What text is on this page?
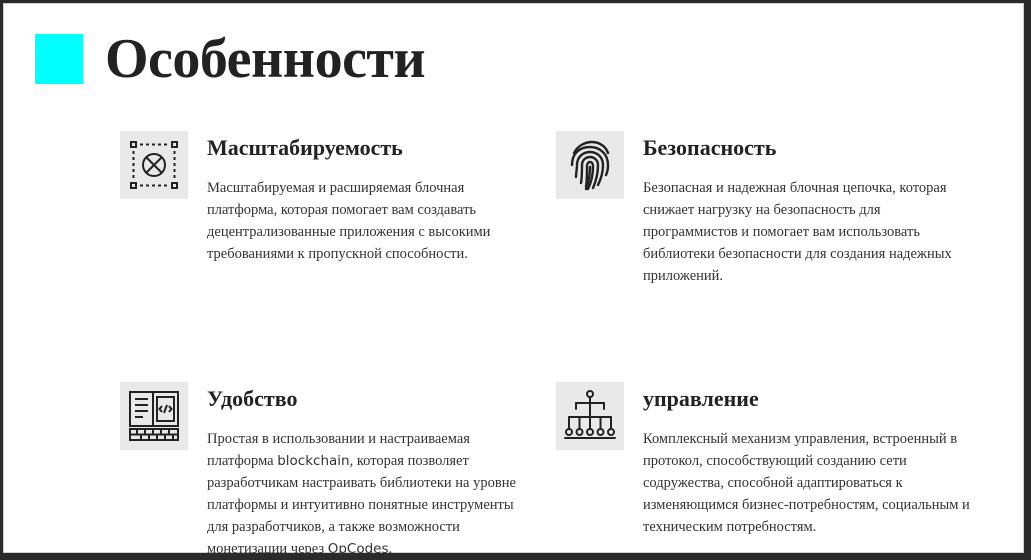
Особенности
Масштабируемость

Масштабируемая и расширяемая блочная платформа, которая помогает вам создавать децентрализованные приложения с высокими требованиями к пропускной способности.

Безопасность

Безопасная и надежная блочная цепочка, которая снижает нагрузку на безопасность для программистов и помогает вам использовать библиотеки безопасности для создания надежных приложений.

Удобство

Простая в использовании и настраиваемая платформа blockchain, которая позволяет разработчикам настраивать библиотеки на уровне платформы и интуитивно понятные инструменты для разработчиков, а также возможности монетизации через OpCodes.

управление

Комплексный механизм управления, встроенный в протокол, способствующий созданию сети содружества, способной адаптироваться к изменяющимся бизнес-потребностям, социальным и техническим потребностям.
